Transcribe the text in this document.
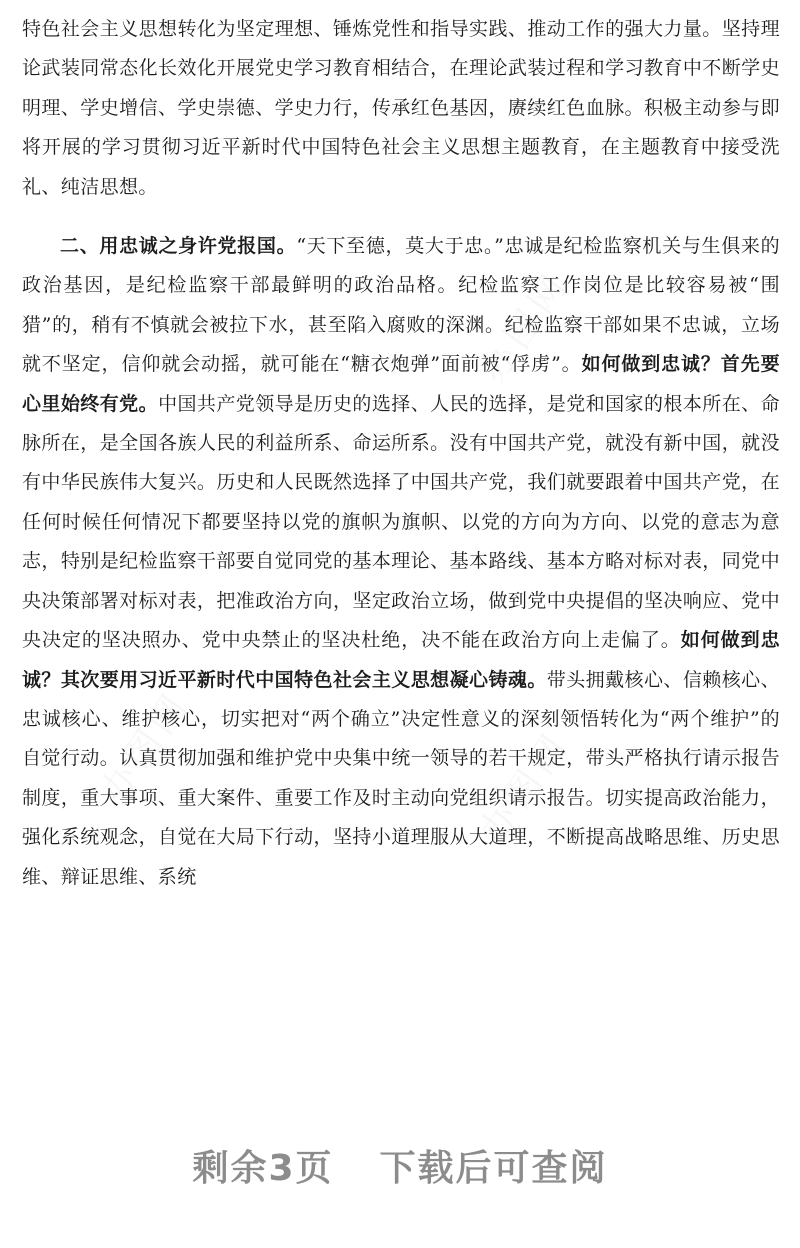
办图网
办图网	办图网

特色社会主义思想转化为坚定理想、锤炼党性和指导实践、推动工作的强大力量。坚持理论武装同常态化长效化开展党史学习教育相结合，在理论武装过程和学习教育中不断学史明理、学史增信、学史崇德、学史力行，传承红色基因，赓续红色血脉。积极主动参与即将开展的学习贯彻习近平新时代中国特色社会主义思想主题教育，在主题教育中接受洗礼、纯洁思想。

二、用忠诚之身许党报国。“天下至德，莫大于忠。”忠诚是纪检监察机关与生俱来的政治基因，是纪检监察干部最鲜明的政治品格。纪检监察工作岗位是比较容易被“围猎”的，稍有不慎就会被拉下水，甚至陷入腐败的深渊。纪检监察干部如果不忠诚，立场就不坚定，信仰就会动摇，就可能在“糖衣炮弹”面前被“俘虏”。如何做到忠诚？首先要心里始终有党。中国共产党领导是历史的选择、人民的选择，是党和国家的根本所在、命脉所在，是全国各族人民的利益所系、命运所系。没有中国共产党，就没有新中国，就没有中华民族伟大复兴。历史和人民既然选择了中国共产党，我们就要跟着中国共产党，在任何时候任何情况下都要坚持以党的旗帜为旗帜、以党的方向为方向、以党的意志为意志，特别是纪检监察干部要自觉同党的基本理论、基本路线、基本方略对标对表，同党中央决策部署对标对表，把准政治方向，坚定政治立场，做到党中央提倡的坚决响应、党中央决定的坚决照办、党中央禁止的坚决杜绝，决不能在政治方向上走偏了。如何做到忠诚？其次要用习近平新时代中国特色社会主义思想凝心铸魂。带头拥戴核心、信赖核心、忠诚核心、维护核心，切实把对“两个确立”决定性意义的深刻领悟转化为“两个维护”的自觉行动。认真贯彻加强和维护党中央集中统一领导的若干规定，带头严格执行请示报告制度，重大事项、重大案件、重要工作及时主动向党组织请示报告。切实提高政治能力，强化系统观念，自觉在大局下行动，坚持小道理服从大道理，不断提高战略思维、历史思维、辩证思维、系统

剩余3页 下载后可查阅
